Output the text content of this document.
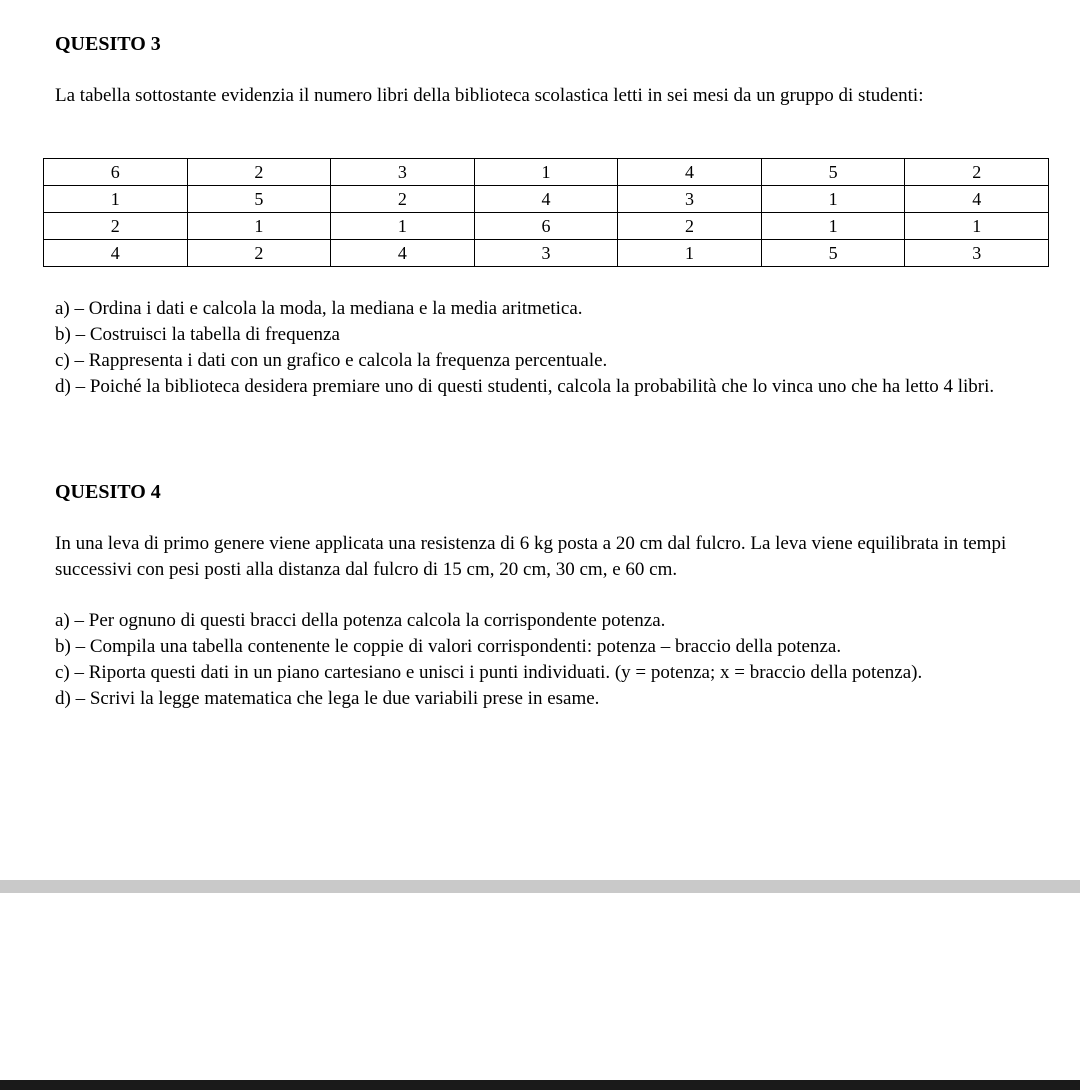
QUESITO 3

La tabella sottostante evidenzia il numero libri della biblioteca scolastica letti in sei mesi da un gruppo di studenti:

6	2	3	1	4	5	2
1	5	2	4	3	1	4
2	1	1	6	2	1	1
4	2	4	3	1	5	3
a) – Ordina i dati e calcola la moda, la mediana e la media aritmetica.
b) – Costruisci la tabella di frequenza
c) – Rappresenta i dati con un grafico e calcola la frequenza percentuale.
d) – Poiché la biblioteca desidera premiare uno di questi studenti, calcola la probabilità che lo vinca uno che ha letto 4 libri.
QUESITO 4

In una leva di primo genere viene applicata una resistenza di 6 kg posta a 20 cm dal fulcro. La leva viene equilibrata in tempi successivi con pesi posti alla distanza dal fulcro di 15 cm, 20 cm, 30 cm, e 60 cm.

a) – Per ognuno di questi bracci della potenza calcola la corrispondente potenza.
b) – Compila una tabella contenente le coppie di valori corrispondenti: potenza – braccio della potenza.
c) – Riporta questi dati in un piano cartesiano e unisci i punti individuati. (y = potenza; x = braccio della potenza).
d) – Scrivi la legge matematica che lega le due variabili prese in esame.
